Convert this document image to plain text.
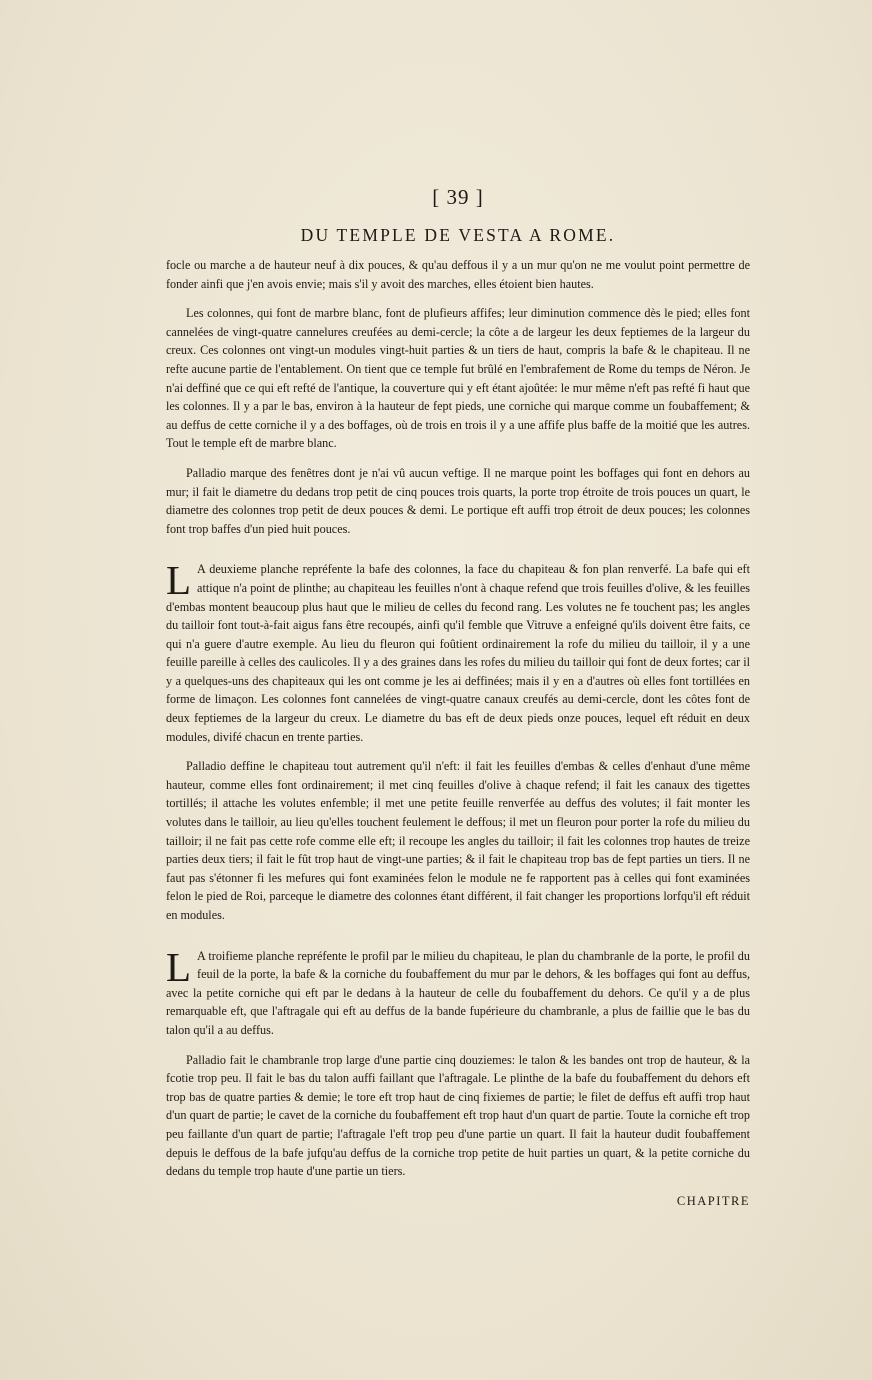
[ 39 ]

DU TEMPLE DE VESTA A ROME.

focle ou marche a de hauteur neuf à dix pouces, & qu'au deffous il y a un mur qu'on ne me voulut point permettre de fonder ainfi que j'en avois envie; mais s'il y avoit des marches, elles étoient bien hautes.

Les colonnes, qui font de marbre blanc, font de plufieurs affifes; leur diminution commence dès le pied; elles font cannelées de vingt-quatre cannelures creufées au demi-cercle; la côte a de largeur les deux feptiemes de la largeur du creux. Ces colonnes ont vingt-un modules vingt-huit parties & un tiers de haut, compris la bafe & le chapiteau. Il ne refte aucune partie de l'entablement. On tient que ce temple fut brûlé en l'embrafement de Rome du temps de Néron. Je n'ai deffiné que ce qui eft refté de l'antique, la couverture qui y eft étant ajoûtée: le mur même n'eft pas refté fi haut que les colonnes. Il y a par le bas, environ à la hauteur de fept pieds, une corniche qui marque comme un foubaffement; & au deffus de cette corniche il y a des boffages, où de trois en trois il y a une affife plus baffe de la moitié que les autres. Tout le temple eft de marbre blanc.

Palladio marque des fenêtres dont je n'ai vû aucun veftige. Il ne marque point les boffages qui font en dehors au mur; il fait le diametre du dedans trop petit de cinq pouces trois quarts, la porte trop étroite de trois pouces un quart, le diametre des colonnes trop petit de deux pouces & demi. Le portique eft auffi trop étroit de deux pouces; les colonnes font trop baffes d'un pied huit pouces.

L A deuxieme planche repréfente la bafe des colonnes, la face du chapiteau & fon plan renverfé. La bafe qui eft attique n'a point de plinthe; au chapiteau les feuilles n'ont à chaque refend que trois feuilles d'olive, & les feuilles d'embas montent beaucoup plus haut que le milieu de celles du fecond rang. Les volutes ne fe touchent pas; les angles du tailloir font tout-à-fait aigus fans être recoupés, ainfi qu'il femble que Vitruve a enfeigné qu'ils doivent être faits, ce qui n'a guere d'autre exemple. Au lieu du fleuron qui foûtient ordinairement la rofe du milieu du tailloir, il y a une feuille pareille à celles des caulicoles. Il y a des graines dans les rofes du milieu du tailloir qui font de deux fortes; car il y a quelques-uns des chapiteaux qui les ont comme je les ai deffinées; mais il y en a d'autres où elles font tortillées en forme de limaçon. Les colonnes font cannelées de vingt-quatre canaux creufés au demi-cercle, dont les côtes font de deux feptiemes de la largeur du creux. Le diametre du bas eft de deux pieds onze pouces, lequel eft réduit en deux modules, divifé chacun en trente parties.

Palladio deffine le chapiteau tout autrement qu'il n'eft: il fait les feuilles d'embas & celles d'enhaut d'une même hauteur, comme elles font ordinairement; il met cinq feuilles d'olive à chaque refend; il fait les canaux des tigettes tortillés; il attache les volutes enfemble; il met une petite feuille renverfée au deffus des volutes; il fait monter les volutes dans le tailloir, au lieu qu'elles touchent feulement le deffous; il met un fleuron pour porter la rofe du milieu du tailloir; il ne fait pas cette rofe comme elle eft; il recoupe les angles du tailloir; il fait les colonnes trop hautes de treize parties deux tiers; il fait le fût trop haut de vingt-une parties; & il fait le chapiteau trop bas de fept parties un tiers. Il ne faut pas s'étonner fi les mefures qui font examinées felon le module ne fe rapportent pas à celles qui font examinées felon le pied de Roi, parceque le diametre des colonnes étant différent, il fait changer les proportions lorfqu'il eft réduit en modules.

L A troifieme planche repréfente le profil par le milieu du chapiteau, le plan du chambranle de la porte, le profil du feuil de la porte, la bafe & la corniche du foubaffement du mur par le dehors, & les boffages qui font au deffus, avec la petite corniche qui eft par le dedans à la hauteur de celle du foubaffement du dehors. Ce qu'il y a de plus remarquable eft, que l'aftragale qui eft au deffus de la bande fupérieure du chambranle, a plus de faillie que le bas du talon qu'il a au deffus.

Palladio fait le chambranle trop large d'une partie cinq douziemes: le talon & les bandes ont trop de hauteur, & la fcotie trop peu. Il fait le bas du talon auffi faillant que l'aftragale. Le plinthe de la bafe du foubaffement du dehors eft trop bas de quatre parties & demie; le tore eft trop haut de cinq fixiemes de partie; le filet de deffus eft auffi trop haut d'un quart de partie; le cavet de la corniche du foubaffement eft trop haut d'un quart de partie. Toute la corniche eft trop peu faillante d'un quart de partie; l'aftragale l'eft trop peu d'une partie un quart. Il fait la hauteur dudit foubaffement depuis le deffous de la bafe jufqu'au deffus de la corniche trop petite de huit parties un quart, & la petite corniche du dedans du temple trop haute d'une partie un tiers.

CHAPITRE
